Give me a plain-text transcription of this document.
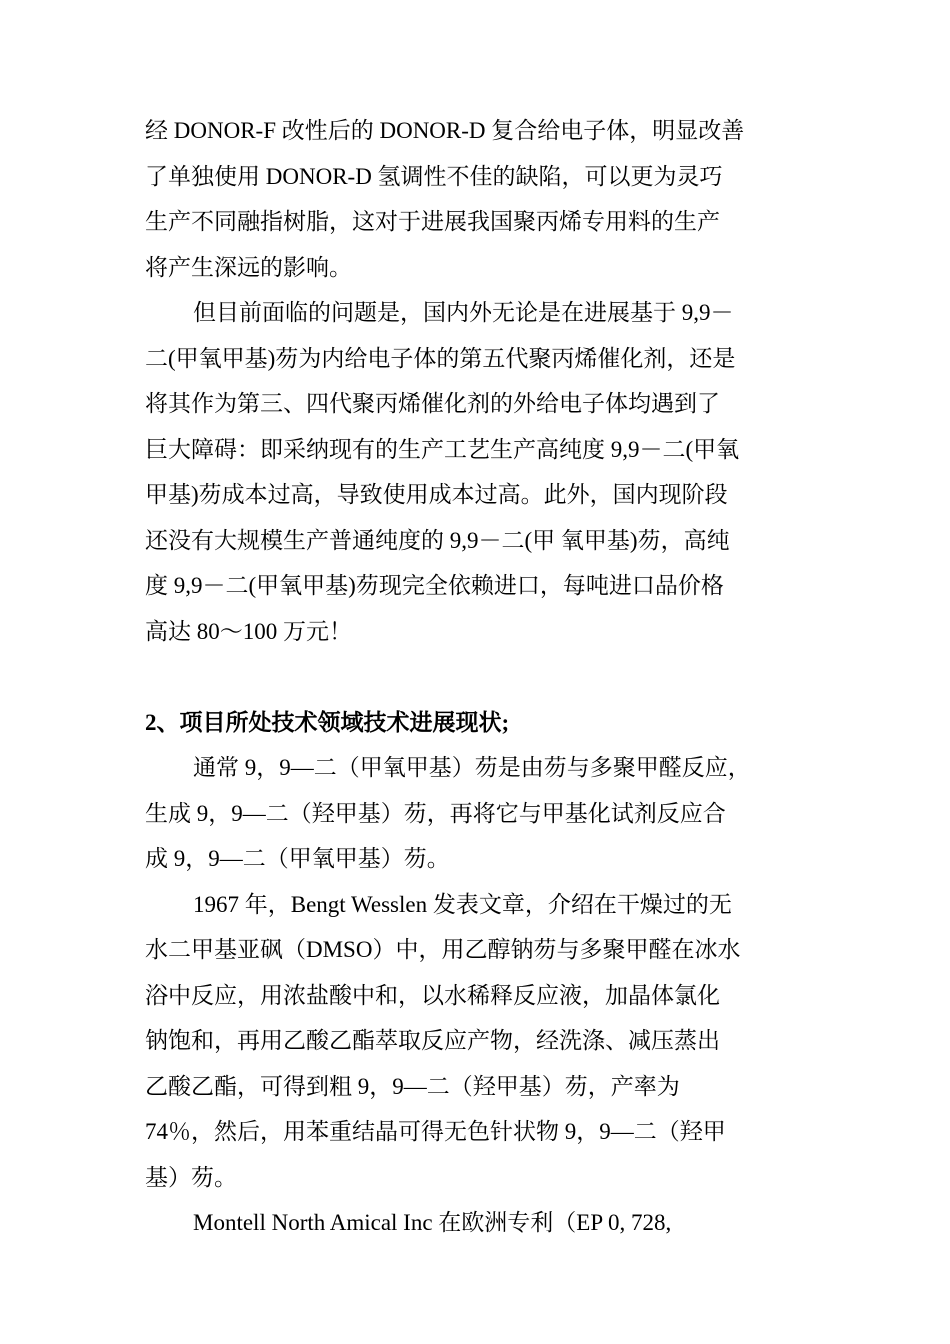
经 DONOR-F 改性后的 DONOR-D 复合给电子体，明显改善
了单独使用 DONOR-D 氢调性不佳的缺陷，可以更为灵巧
生产不同融指树脂，这对于进展我国聚丙烯专用料的生产
将产生深远的影响。
但目前面临的问题是，国内外无论是在进展基于 9,9－
二(甲氧甲基)芴为内给电子体的第五代聚丙烯催化剂，还是
将其作为第三、四代聚丙烯催化剂的外给电子体均遇到了
巨大障碍：即采纳现有的生产工艺生产高纯度 9,9－二(甲氧
甲基)芴成本过高，导致使用成本过高。此外，国内现阶段
还没有大规模生产普通纯度的 9,9－二(甲 氧甲基)芴，高纯
度 9,9－二(甲氧甲基)芴现完全依赖进口，每吨进口品价格
高达 80～100 万元！
2、项目所处技术领域技术进展现状;
通常 9，9—二（甲氧甲基）芴是由芴与多聚甲醛反应，
生成 9，9—二（羟甲基）芴，再将它与甲基化试剂反应合
成 9，9—二（甲氧甲基）芴。
1967 年，Bengt Wesslen 发表文章，介绍在干燥过的无
水二甲基亚砜（DMSO）中，用乙醇钠芴与多聚甲醛在冰水
浴中反应，用浓盐酸中和，以水稀释反应液，加晶体氯化
钠饱和，再用乙酸乙酯萃取反应产物，经洗涤、减压蒸出
乙酸乙酯，可得到粗 9，9—二（羟甲基）芴，产率为
74％，然后，用苯重结晶可得无色针状物 9，9—二（羟甲
基）芴。
Montell North Amical Inc 在欧洲专利（EP 0, 728,
